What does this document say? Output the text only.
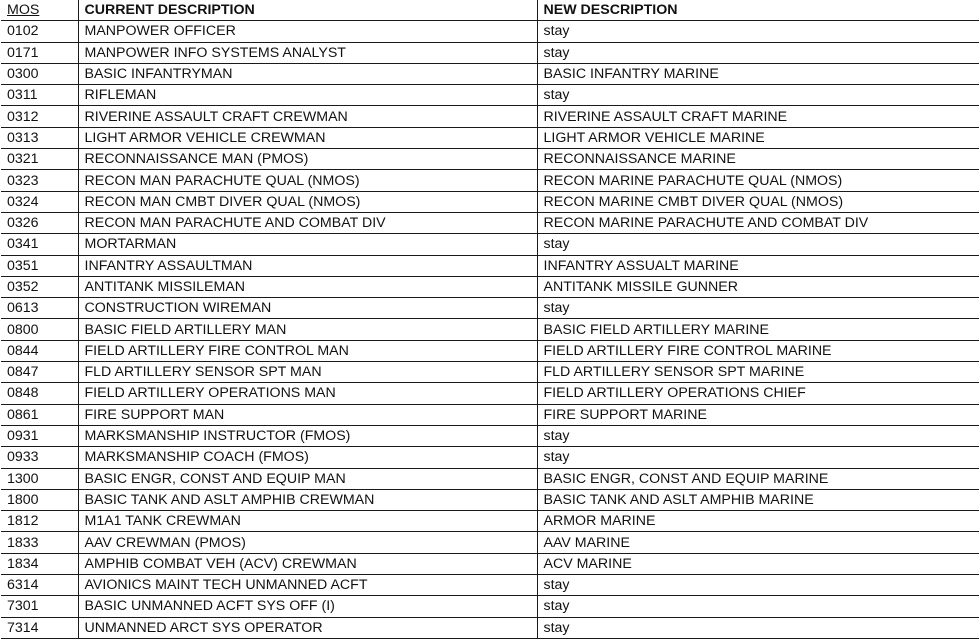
MOS	CURRENT DESCRIPTION	NEW DESCRIPTION
0102	MANPOWER OFFICER	stay
0171	MANPOWER INFO SYSTEMS ANALYST	stay
0300	BASIC INFANTRYMAN	BASIC INFANTRY MARINE
0311	RIFLEMAN	stay
0312	RIVERINE ASSAULT CRAFT CREWMAN	RIVERINE ASSAULT CRAFT MARINE
0313	LIGHT ARMOR VEHICLE CREWMAN	LIGHT ARMOR VEHICLE MARINE
0321	RECONNAISSANCE MAN (PMOS)	RECONNAISSANCE MARINE
0323	RECON MAN PARACHUTE QUAL (NMOS)	RECON MARINE PARACHUTE QUAL (NMOS)
0324	RECON MAN CMBT DIVER QUAL (NMOS)	RECON MARINE CMBT DIVER QUAL (NMOS)
0326	RECON MAN PARACHUTE AND COMBAT DIV	RECON MARINE PARACHUTE AND COMBAT DIV
0341	MORTARMAN	stay
0351	INFANTRY ASSAULTMAN	INFANTRY ASSUALT MARINE
0352	ANTITANK MISSILEMAN	ANTITANK MISSILE GUNNER
0613	CONSTRUCTION WIREMAN	stay
0800	BASIC FIELD ARTILLERY MAN	BASIC FIELD ARTILLERY MARINE
0844	FIELD ARTILLERY FIRE CONTROL MAN	FIELD ARTILLERY FIRE CONTROL MARINE
0847	FLD ARTILLERY SENSOR SPT MAN	FLD ARTILLERY SENSOR SPT MARINE
0848	FIELD ARTILLERY OPERATIONS MAN	FIELD ARTILLERY OPERATIONS CHIEF
0861	FIRE SUPPORT MAN	FIRE SUPPORT MARINE
0931	MARKSMANSHIP INSTRUCTOR (FMOS)	stay
0933	MARKSMANSHIP COACH (FMOS)	stay
1300	BASIC ENGR, CONST AND EQUIP MAN	BASIC ENGR, CONST AND EQUIP MARINE
1800	BASIC TANK AND ASLT AMPHIB CREWMAN	BASIC TANK AND ASLT AMPHIB MARINE
1812	M1A1 TANK CREWMAN	ARMOR MARINE
1833	AAV CREWMAN (PMOS)	AAV MARINE
1834	AMPHIB COMBAT VEH (ACV) CREWMAN	ACV MARINE
6314	AVIONICS MAINT TECH UNMANNED ACFT	stay
7301	BASIC UNMANNED ACFT SYS OFF (I)	stay
7314	UNMANNED ARCT SYS OPERATOR	stay
